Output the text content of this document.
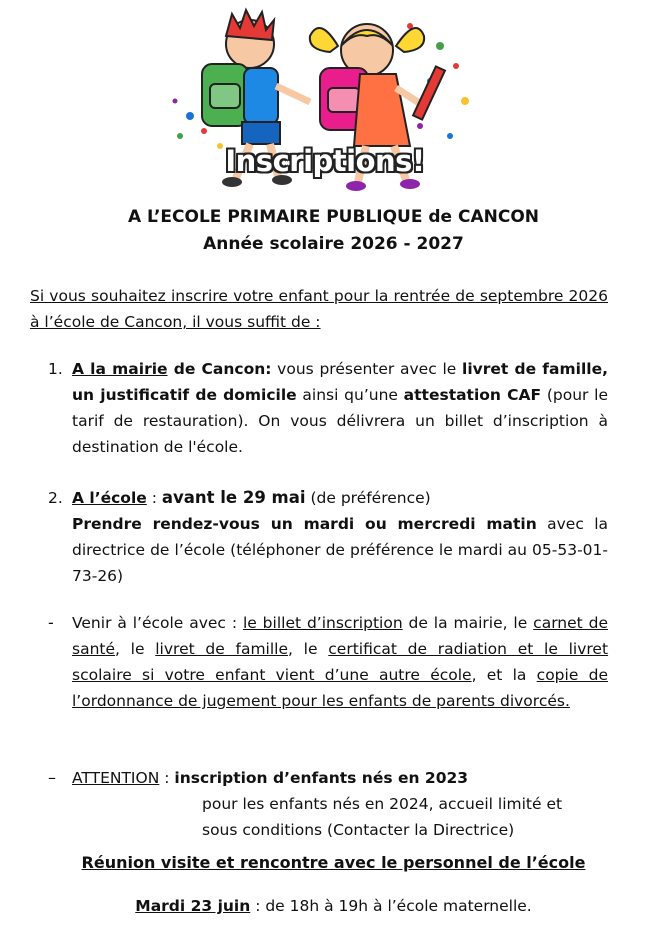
Inscriptions!
A L’ECOLE PRIMAIRE PUBLIQUE de CANCON
Année scolaire 2026 - 2027
Si vous souhaitez inscrire votre enfant pour la rentrée de septembre 2026 à l’école de Cancon, il vous suffit de :
1. A la mairie de Cancon: vous présenter avec le livret de famille, un justificatif de domicile ainsi qu’une attestation CAF (pour le tarif de restauration). On vous délivrera un billet d’inscription à destination de l'école.
2. A l’école : avant le 29 mai (de préférence)
Prendre rendez-vous un mardi ou mercredi matin avec la directrice de l’école (téléphoner de préférence le mardi au 05-53-01-73-26)
- Venir à l’école avec : le billet d’inscription de la mairie, le carnet de santé, le livret de famille, le certificat de radiation et le livret scolaire si votre enfant vient d’une autre école, et la copie de l’ordonnance de jugement pour les enfants de parents divorcés.
– ATTENTION : inscription d’enfants nés en 2023
pour les enfants nés en 2024, accueil limité et
sous conditions (Contacter la Directrice)
Réunion visite et rencontre avec le personnel de l’école
Mardi 23 juin : de 18h à 19h à l’école maternelle.
